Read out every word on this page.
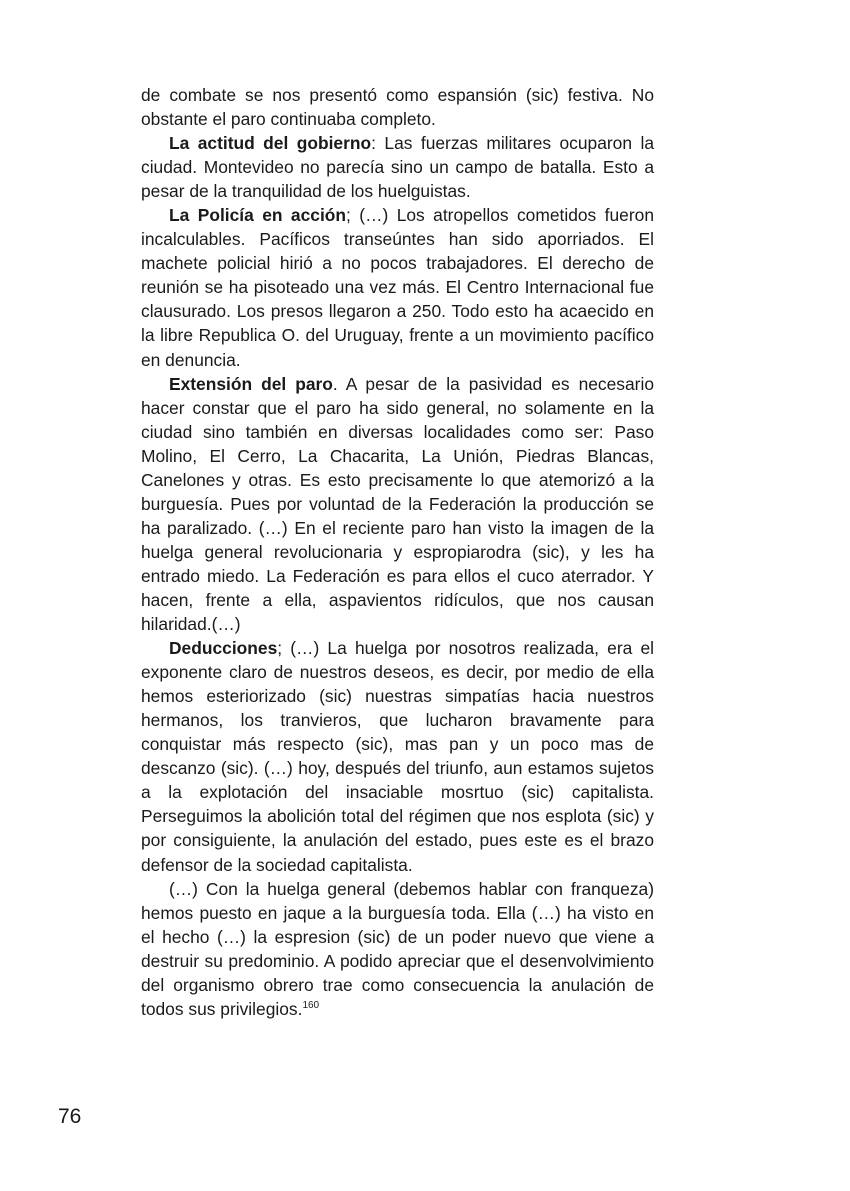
de combate se nos presentó como espansión (sic) festiva. No obstante el paro continuaba completo.

La actitud del gobierno: Las fuerzas militares ocuparon la ciudad. Montevideo no parecía sino un campo de batalla. Esto a pesar de la tranquilidad de los huelguistas.

La Policía en acción; (…) Los atropellos cometidos fueron incalculables. Pacíficos transeúntes han sido aporriados. El machete policial hirió a no pocos trabajadores. El derecho de reunión se ha pisoteado una vez más. El Centro Internacional fue clausurado. Los presos llegaron a 250. Todo esto ha acaecido en la libre Republica O. del Uruguay, frente a un movimiento pacífico en denuncia.

Extensión del paro. A pesar de la pasividad es necesario hacer constar que el paro ha sido general, no solamente en la ciudad sino también en diversas localidades como ser: Paso Molino, El Cerro, La Chacarita, La Unión, Piedras Blancas, Canelones y otras. Es esto precisamente lo que atemorizó a la burguesía. Pues por voluntad de la Federación la producción se ha paralizado. (…) En el reciente paro han visto la imagen de la huelga general revolucionaria y espropiarodra (sic), y les ha entrado miedo. La Federación es para ellos el cuco aterrador. Y hacen, frente a ella, aspavientos ridículos, que nos causan hilaridad.(…)

Deducciones; (…) La huelga por nosotros realizada, era el exponente claro de nuestros deseos, es decir, por medio de ella hemos esteriorizado (sic) nuestras simpatías hacia nuestros hermanos, los tranvieros, que lucharon bravamente para conquistar más respecto (sic), mas pan y un poco mas de descanzo (sic). (…) hoy, después del triunfo, aun estamos sujetos a la explotación del insaciable mosrtuo (sic) capitalista. Perseguimos la abolición total del régimen que nos esplota (sic) y por consiguiente, la anulación del estado, pues este es el brazo defensor de la sociedad capitalista.

(…) Con la huelga general (debemos hablar con franqueza) hemos puesto en jaque a la burguesía toda. Ella (…) ha visto en el hecho (…) la espresion (sic) de un poder nuevo que viene a destruir su predominio. A podido apreciar que el desenvolvimiento del organismo obrero trae como consecuencia la anulación de todos sus privilegios.$^{160}$

76
